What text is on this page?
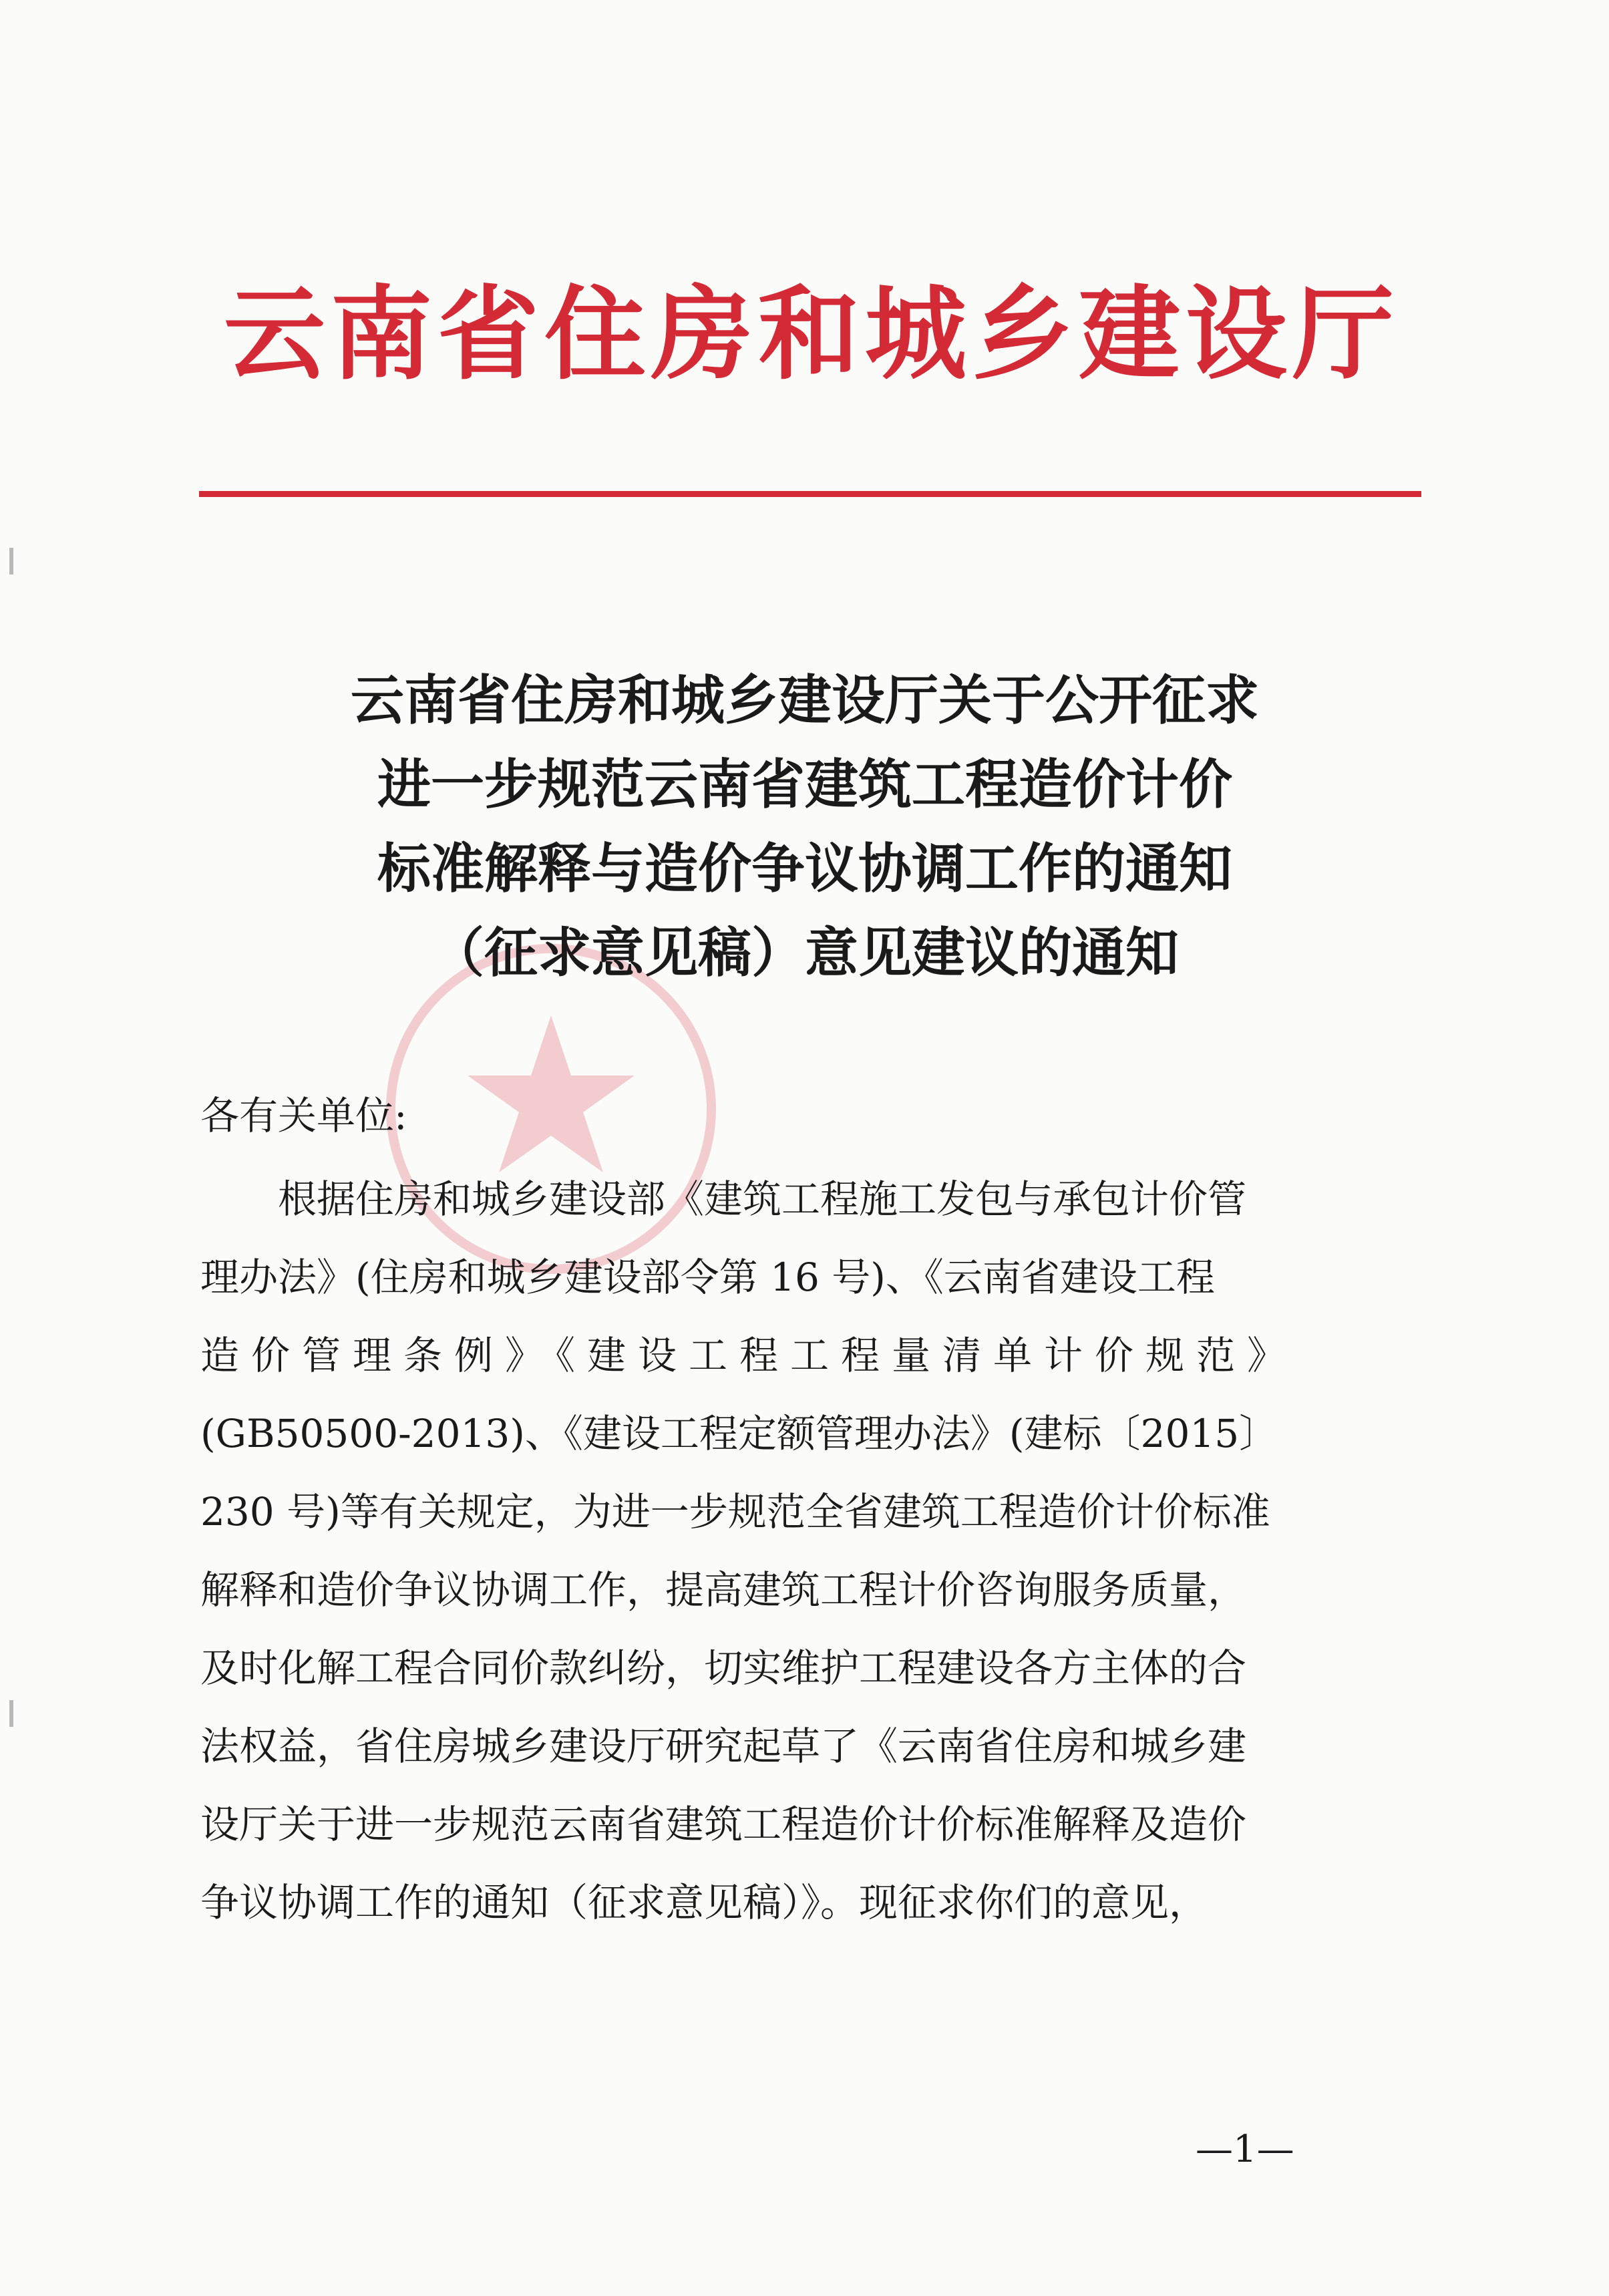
云南省住房和城乡建设厅
云南省住房和城乡建设厅关于公开征求
进一步规范云南省建筑工程造价计价
标准解释与造价争议协调工作的通知
（征求意见稿）意见建议的通知
各有关单位:
　　根据住房和城乡建设部《建筑工程施工发包与承包计价管
理办法》(住房和城乡建设部令第 16 号)、《云南省建设工程
造价管理条例》《建设工程工程量清单计价规范》
(GB50500-2013)、《建设工程定额管理办法》(建标〔2015〕
230 号)等有关规定，为进一步规范全省建筑工程造价计价标准
解释和造价争议协调工作，提高建筑工程计价咨询服务质量，
及时化解工程合同价款纠纷，切实维护工程建设各方主体的合
法权益，省住房城乡建设厅研究起草了《云南省住房和城乡建
设厅关于进一步规范云南省建筑工程造价计价标准解释及造价
争议协调工作的通知（征求意见稿）》。现征求你们的意见，
—1—
